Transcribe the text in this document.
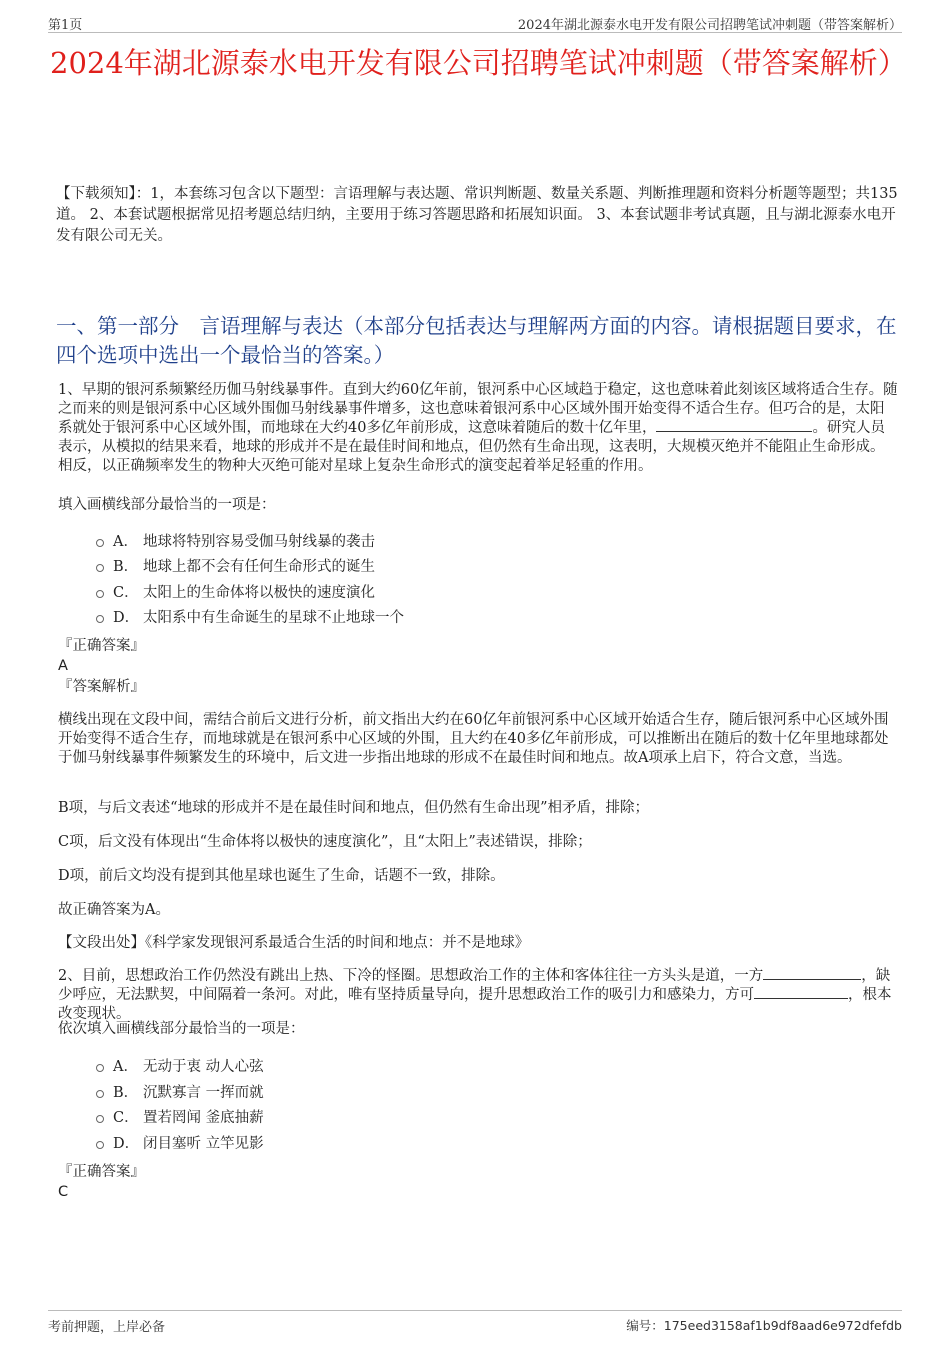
第1页	2024年湖北源泰水电开发有限公司招聘笔试冲刺题（带答案解析）
2024年湖北源泰水电开发有限公司招聘笔试冲刺题（带答案解析）
【下载须知】：1，本套练习包含以下题型：言语理解与表达题、常识判断题、数量关系题、判断推理题和资料分析题等题型；共135道。 2、本套试题根据常见招考题总结归纳，主要用于练习答题思路和拓展知识面。 3、本套试题非考试真题，且与湖北源泰水电开发有限公司无关。
一、第一部分　言语理解与表达（本部分包括表达与理解两方面的内容。请根据题目要求，在四个选项中选出一个最恰当的答案。）
1、早期的银河系频繁经历伽马射线暴事件。直到大约60亿年前，银河系中心区域趋于稳定，这也意味着此刻该区域将适合生存。随之而来的则是银河系中心区域外围伽马射线暴事件增多，这也意味着银河系中心区域外围开始变得不适合生存。但巧合的是，太阳系就处于银河系中心区域外围，而地球在大约40多亿年前形成，这意味着随后的数十亿年里，	。研究人员表示，从模拟的结果来看，地球的形成并不是在最佳时间和地点，但仍然有生命出现，这表明，大规模灭绝并不能阻止生命形成。相反，以正确频率发生的物种大灭绝可能对星球上复杂生命形式的演变起着举足轻重的作用。
填入画横线部分最恰当的一项是：
A． 地球将特别容易受伽马射线暴的袭击
B． 地球上都不会有任何生命形式的诞生
C． 太阳上的生命体将以极快的速度演化
D． 太阳系中有生命诞生的星球不止地球一个
『正确答案』
A
『答案解析』
横线出现在文段中间，需结合前后文进行分析，前文指出大约在60亿年前银河系中心区域开始适合生存，随后银河系中心区域外围开始变得不适合生存，而地球就是在银河系中心区域的外围，且大约在40多亿年前形成，可以推断出在随后的数十亿年里地球都处于伽马射线暴事件频繁发生的环境中，后文进一步指出地球的形成不在最佳时间和地点。故A项承上启下，符合文意，当选。
B项，与后文表述“地球的形成并不是在最佳时间和地点，但仍然有生命出现”相矛盾，排除；
C项，后文没有体现出“生命体将以极快的速度演化”，且“太阳上”表述错误，排除；
D项，前后文均没有提到其他星球也诞生了生命，话题不一致，排除。
故正确答案为A。
【文段出处】《科学家发现银河系最适合生活的时间和地点：并不是地球》
2、目前，思想政治工作仍然没有跳出上热、下冷的怪圈。思想政治工作的主体和客体往往一方头头是道，一方	，缺少呼应，无法默契，中间隔着一条河。对此，唯有坚持质量导向，提升思想政治工作的吸引力和感染力，方可	，根本改变现状。
依次填入画横线部分最恰当的一项是：
A． 无动于衷 动人心弦
B． 沉默寡言 一挥而就
C． 置若罔闻 釜底抽薪
D． 闭目塞听 立竿见影
『正确答案』
C
考前押题，上岸必备	编号：175eed3158af1b9df8aad6e972dfefdb
